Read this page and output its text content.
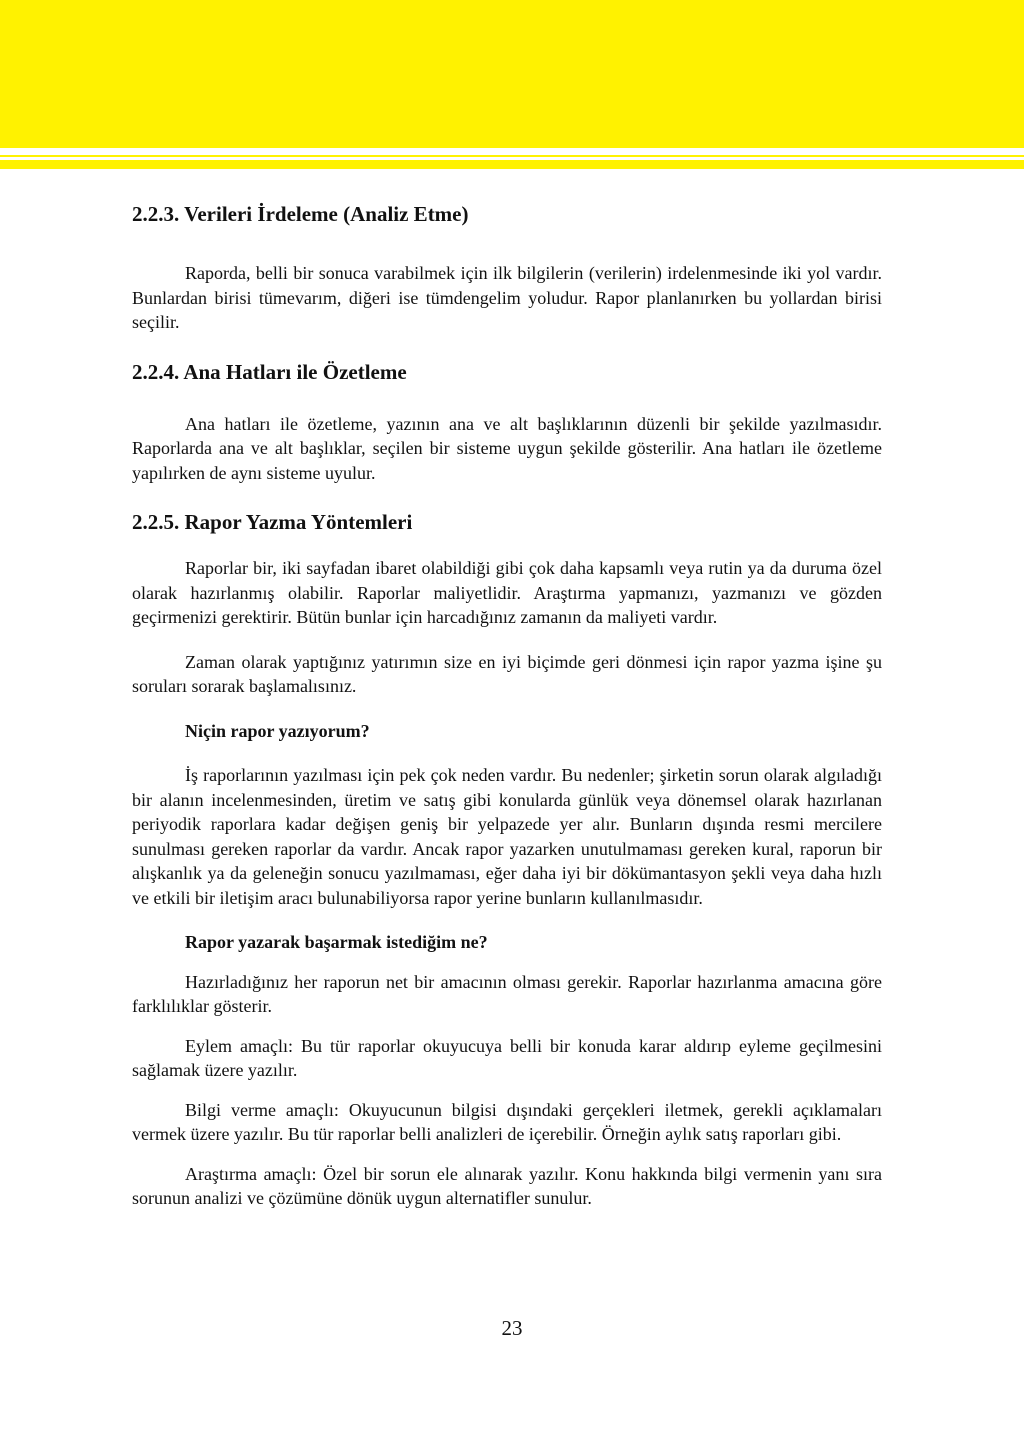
2.2.3. Verileri İrdeleme (Analiz Etme)

Raporda, belli bir sonuca varabilmek için ilk bilgilerin (verilerin) irdelenmesinde iki yol vardır. Bunlardan birisi tümevarım, diğeri ise tümdengelim yoludur. Rapor planlanırken bu yollardan birisi seçilir.

2.2.4. Ana Hatları ile Özetleme

Ana hatları ile özetleme, yazının ana ve alt başlıklarının düzenli bir şekilde yazılmasıdır. Raporlarda ana ve alt başlıklar, seçilen bir sisteme uygun şekilde gösterilir. Ana hatları ile özetleme yapılırken de aynı sisteme uyulur.

2.2.5. Rapor Yazma Yöntemleri

Raporlar bir, iki sayfadan ibaret olabildiği gibi çok daha kapsamlı veya rutin ya da duruma özel olarak hazırlanmış olabilir. Raporlar maliyetlidir. Araştırma yapmanızı, yazmanızı ve gözden geçirmenizi gerektirir. Bütün bunlar için harcadığınız zamanın da maliyeti vardır.

Zaman olarak yaptığınız yatırımın size en iyi biçimde geri dönmesi için rapor yazma işine şu soruları sorarak başlamalısınız.

Niçin rapor yazıyorum?

İş raporlarının yazılması için pek çok neden vardır. Bu nedenler; şirketin sorun olarak algıladığı bir alanın incelenmesinden, üretim ve satış gibi konularda günlük veya dönemsel olarak hazırlanan periyodik raporlara kadar değişen geniş bir yelpazede yer alır. Bunların dışında resmi mercilere sunulması gereken raporlar da vardır. Ancak rapor yazarken unutulmaması gereken kural, raporun bir alışkanlık ya da geleneğin sonucu yazılmaması, eğer daha iyi bir dökümantasyon şekli veya daha hızlı ve etkili bir iletişim aracı bulunabiliyorsa rapor yerine bunların kullanılmasıdır.

Rapor yazarak başarmak istediğim ne?

Hazırladığınız her raporun net bir amacının olması gerekir. Raporlar hazırlanma amacına göre farklılıklar gösterir.

Eylem amaçlı: Bu tür raporlar okuyucuya belli bir konuda karar aldırıp eyleme geçilmesini sağlamak üzere yazılır.

Bilgi verme amaçlı: Okuyucunun bilgisi dışındaki gerçekleri iletmek, gerekli açıklamaları vermek üzere yazılır. Bu tür raporlar belli analizleri de içerebilir. Örneğin aylık satış raporları gibi.

Araştırma amaçlı: Özel bir sorun ele alınarak yazılır. Konu hakkında bilgi vermenin yanı sıra sorunun analizi ve çözümüne dönük uygun alternatifler sunulur.

23
